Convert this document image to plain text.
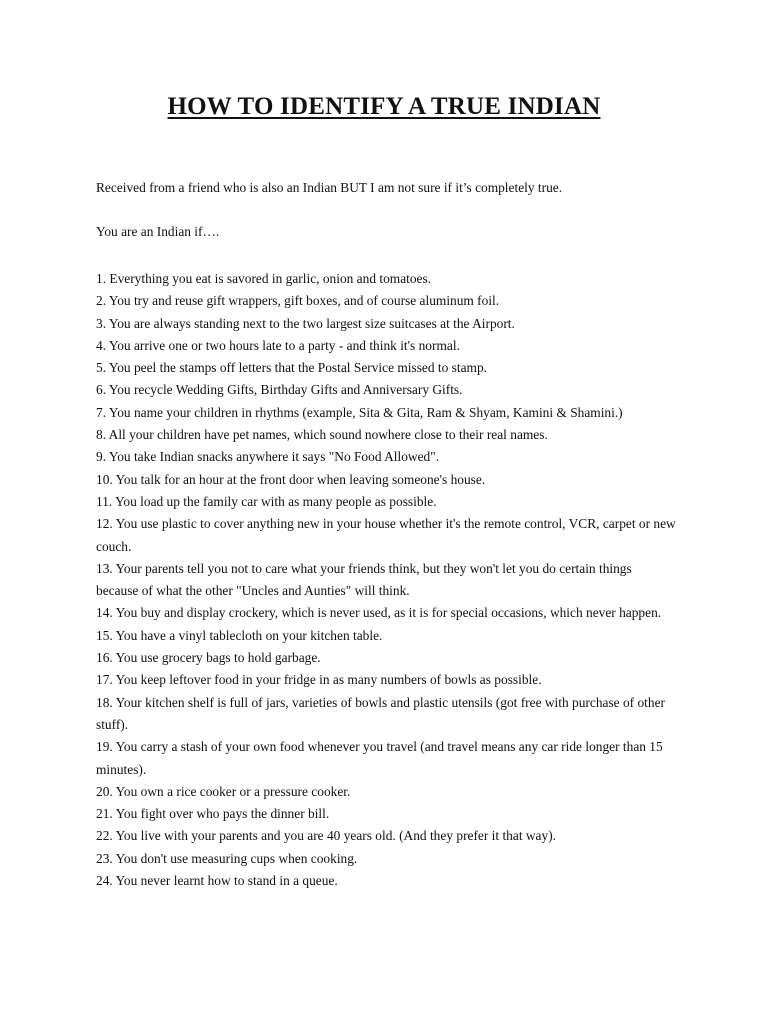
HOW TO IDENTIFY A TRUE INDIAN

Received from a friend who is also an Indian BUT I am not sure if it’s completely true.

You are an Indian if….

1. Everything you eat is savored in garlic, onion and tomatoes.
2. You try and reuse gift wrappers, gift boxes, and of course aluminum foil.
3. You are always standing next to the two largest size suitcases at the Airport.
4. You arrive one or two hours late to a party - and think it's normal.
5. You peel the stamps off letters that the Postal Service missed to stamp.
6. You recycle Wedding Gifts, Birthday Gifts and Anniversary Gifts.
7. You name your children in rhythms (example, Sita & Gita, Ram & Shyam, Kamini & Shamini.)
8. All your children have pet names, which sound nowhere close to their real names.
9. You take Indian snacks anywhere it says "No Food Allowed".
10. You talk for an hour at the front door when leaving someone's house.
11. You load up the family car with as many people as possible.
12. You use plastic to cover anything new in your house whether it's the remote control, VCR, carpet or new couch.
13. Your parents tell you not to care what your friends think, but they won't let you do certain things because of what the other "Uncles and Aunties" will think.
14. You buy and display crockery, which is never used, as it is for special occasions, which never happen.
15. You have a vinyl tablecloth on your kitchen table.
16. You use grocery bags to hold garbage.
17. You keep leftover food in your fridge in as many numbers of bowls as possible.
18. Your kitchen shelf is full of jars, varieties of bowls and plastic utensils (got free with purchase of other stuff).
19. You carry a stash of your own food whenever you travel (and travel means any car ride longer than 15 minutes).
20. You own a rice cooker or a pressure cooker.
21. You fight over who pays the dinner bill.
22. You live with your parents and you are 40 years old. (And they prefer it that way).
23. You don't use measuring cups when cooking.
24. You never learnt how to stand in a queue.
